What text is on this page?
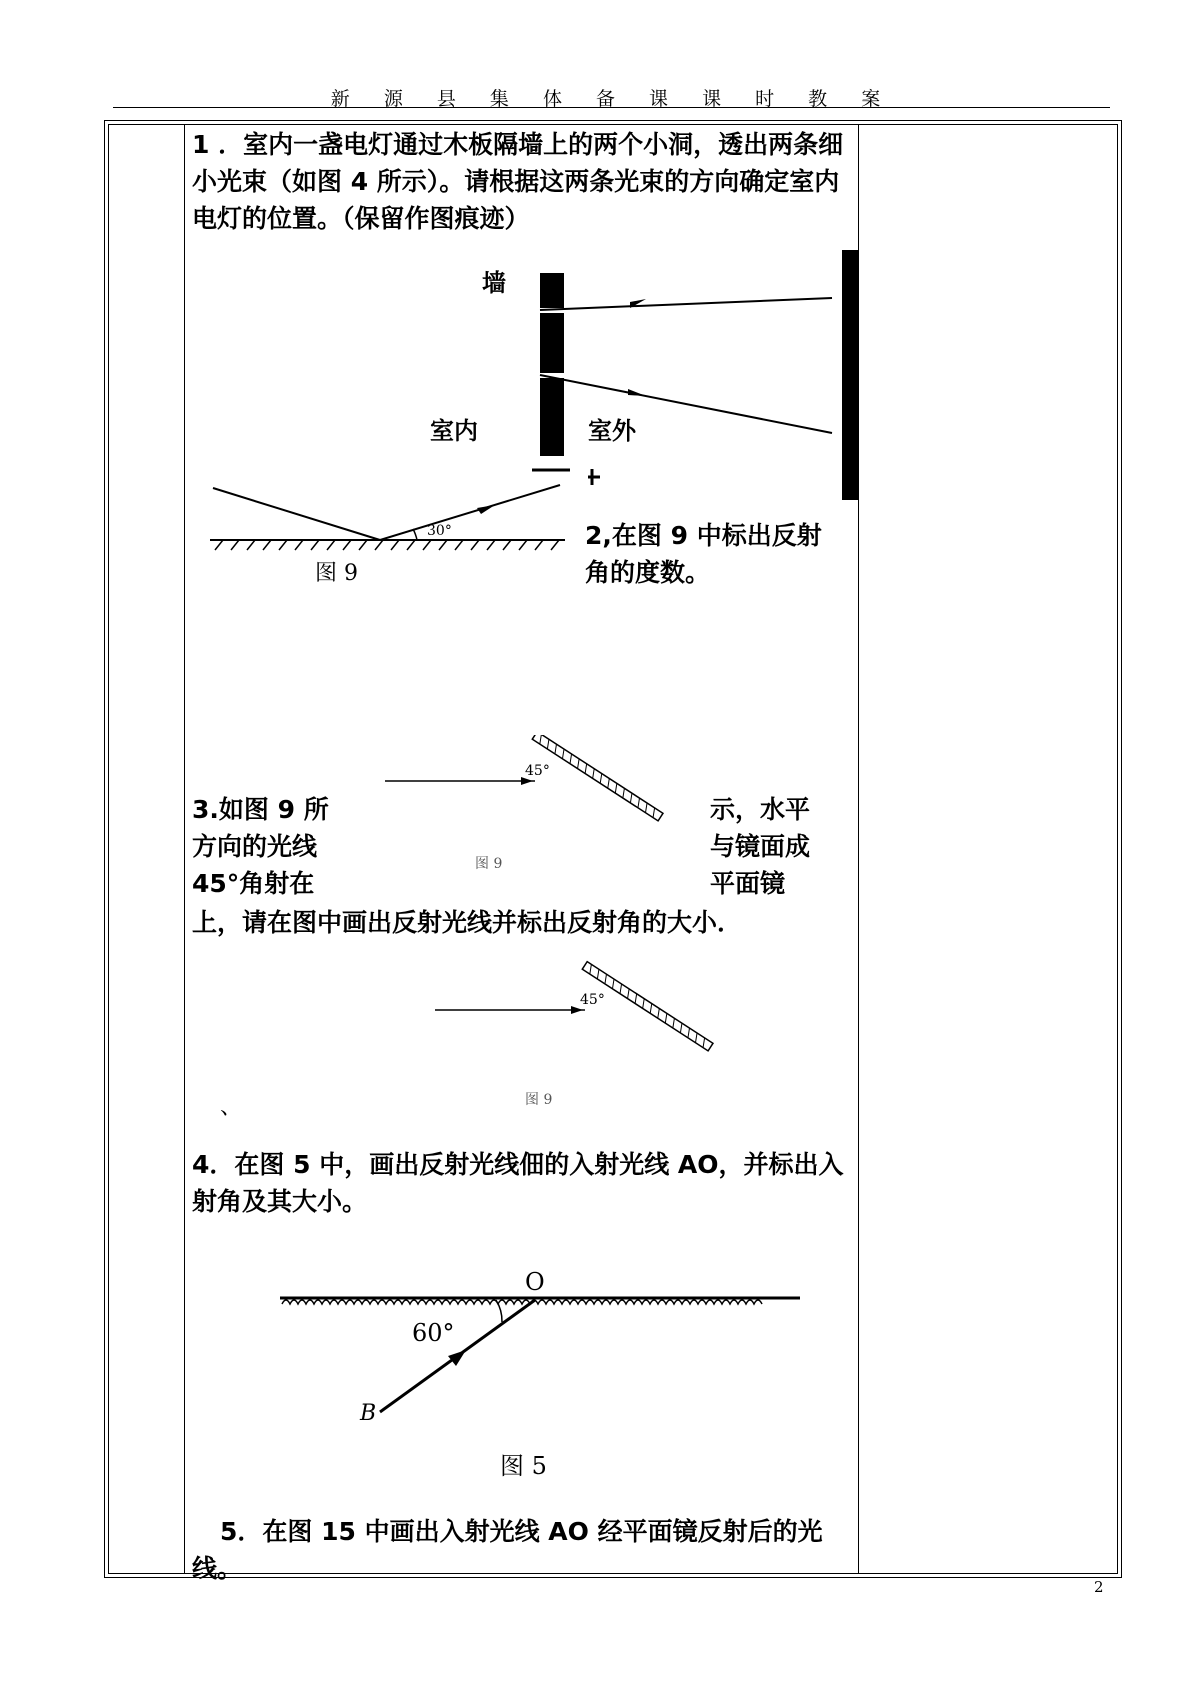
新 源 县 集 体 备 课 课 时 教 案

1 ．室内一盏电灯通过木板隔墙上的两个小洞，透出两条细小光束（如图 4 所示）。请根据这两条光束的方向确定室内电灯的位置。（保留作图痕迹）

墙
室内	室外
30°
图 9

2,在图 9 中标出反射角的度数。

45°
图 9

3.如图 9 所

方向的光线

45°角射在

示，水平

与镜面成

平面镜

上，请在图中画出反射光线并标出反射角的大小．

45°
图 9
、

4．在图 5 中，画出反射光线佃的入射光线 AO，并标出入射角及其大小。

60°
O
B
图 5

5．在图 15 中画出入射光线 AO 经平面镜反射后的光线。

2
